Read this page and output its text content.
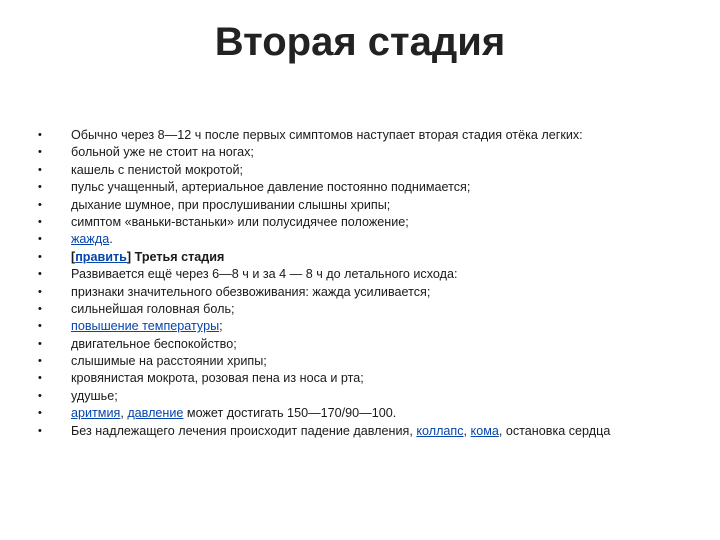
Вторая стадия
•	Обычно через 8—12 ч после первых симптомов наступает вторая стадия отёка легких:
•	больной уже не стоит на ногах;
•	кашель с пенистой мокротой;
•	пульс учащенный, артериальное давление постоянно поднимается;
•	дыхание шумное, при прослушивании слышны хрипы;
•	симптом «ваньки-встаньки» или полусидячее положение;
•	жажда.
•	[править] Третья стадия
•	Развивается ещё через 6—8 ч и за 4 — 8 ч до летального исхода:
•	признаки значительного обезвоживания: жажда усиливается;
•	сильнейшая головная боль;
•	повышение температуры;
•	двигательное беспокойство;
•	слышимые на расстоянии хрипы;
•	кровянистая мокрота, розовая пена из носа и рта;
•	удушье;
•	аритмия, давление может достигать 150—170/90—100.
•	Без надлежащего лечения происходит падение давления, коллапс, кома, остановка сердца
